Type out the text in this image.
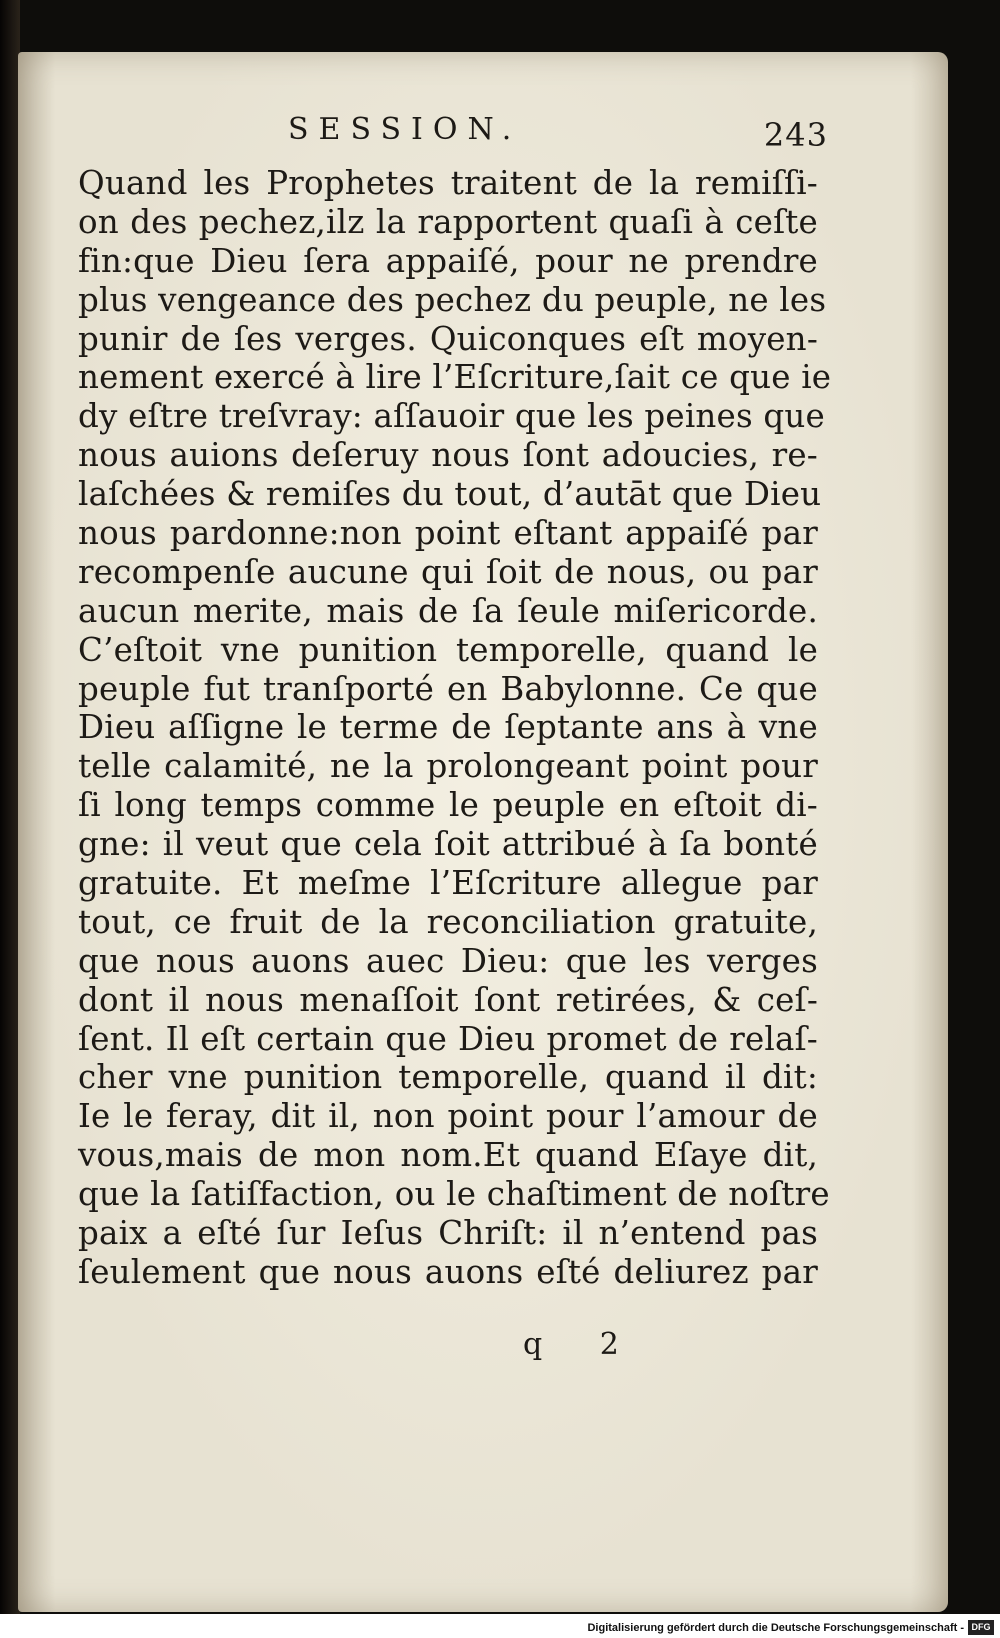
SESSION.	243
Quand les Prophetes traitent de la remiſſi-
on des pechez,ilz la rapportent quaſi à ceſte
fin:que Dieu ſera appaiſé, pour ne prendre
plus vengeance des pechez du peuple, ne les
punir de ſes verges. Quiconques eſt moyen-
nement exercé à lire l’Eſcriture,ſait ce que ie
dy eſtre treſvray: aſſauoir que les peines que
nous auions deſeruy nous ſont adoucies, re-
laſchées & remiſes du tout, d’autāt que Dieu
nous pardonne:non point eſtant appaiſé par
recompenſe aucune qui ſoit de nous, ou par
aucun merite, mais de ſa ſeule miſericorde.
C’eſtoit vne punition temporelle, quand le
peuple fut tranſporté en Babylonne. Ce que
Dieu aſſigne le terme de ſeptante ans à vne
telle calamité, ne la prolongeant point pour
ſi long temps comme le peuple en eſtoit di-
gne: il veut que cela ſoit attribué à ſa bonté
gratuite. Et meſme l’Eſcriture allegue par
tout, ce fruit de la reconciliation gratuite,
que nous auons auec Dieu: que les verges
dont il nous menaſſoit ſont retirées, & ceſ-
ſent. Il eſt certain que Dieu promet de relaſ-
cher vne punition temporelle, quand il dit:
Ie le feray, dit il, non point pour l’amour de
vous,mais de mon nom.Et quand Eſaye dit,
que la ſatiſfaction, ou le chaſtiment de noſtre
paix a eſté ſur Ieſus Chriſt: il n’entend pas
ſeulement que nous auons eſté deliurez par
q 2
Digitalisierung gefördert durch die Deutsche Forschungsgemeinschaft - DFG
